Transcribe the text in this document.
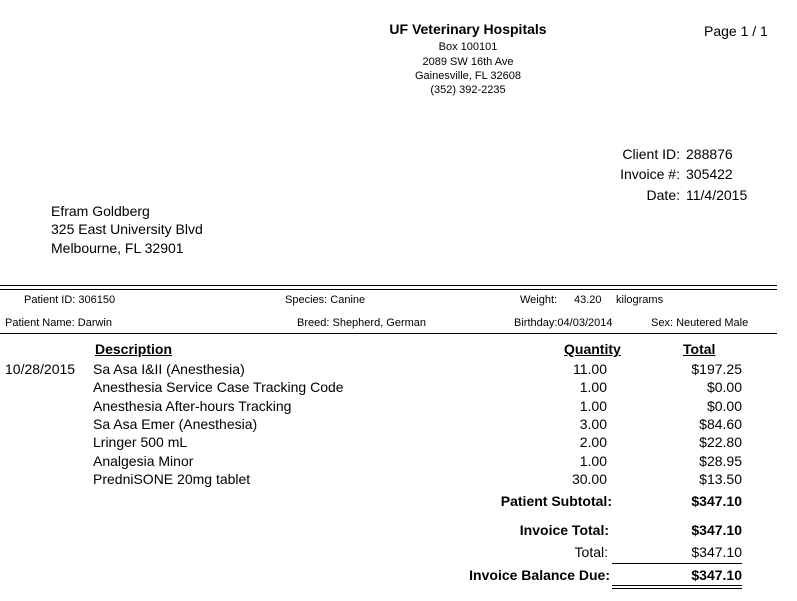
UF Veterinary Hospitals
Box 100101
2089 SW 16th Ave
Gainesville, FL 32608
(352) 392-2235
Page 1 / 1
Client ID: 288876
Invoice #: 305422
Date: 11/4/2015
Efram Goldberg
325 East University Blvd
Melbourne, FL 32901
Patient ID: 306150	Species: Canine	Weight: 43.20 kilograms
Patient Name: Darwin	Breed: Shepherd, German	Birthday:04/03/2014	Sex: Neutered Male
Description	Quantity	Total
10/28/2015 Sa Asa I&II (Anesthesia)	11.00	$197.25
Anesthesia Service Case Tracking Code	1.00	$0.00
Anesthesia After-hours Tracking	1.00	$0.00
Sa Asa Emer (Anesthesia)	3.00	$84.60
Lringer 500 mL	2.00	$22.80
Analgesia Minor	1.00	$28.95
PredniSONE 20mg tablet	30.00	$13.50
Patient Subtotal:	$347.10
Invoice Total:	$347.10
Total:	$347.10
Invoice Balance Due:	$347.10
